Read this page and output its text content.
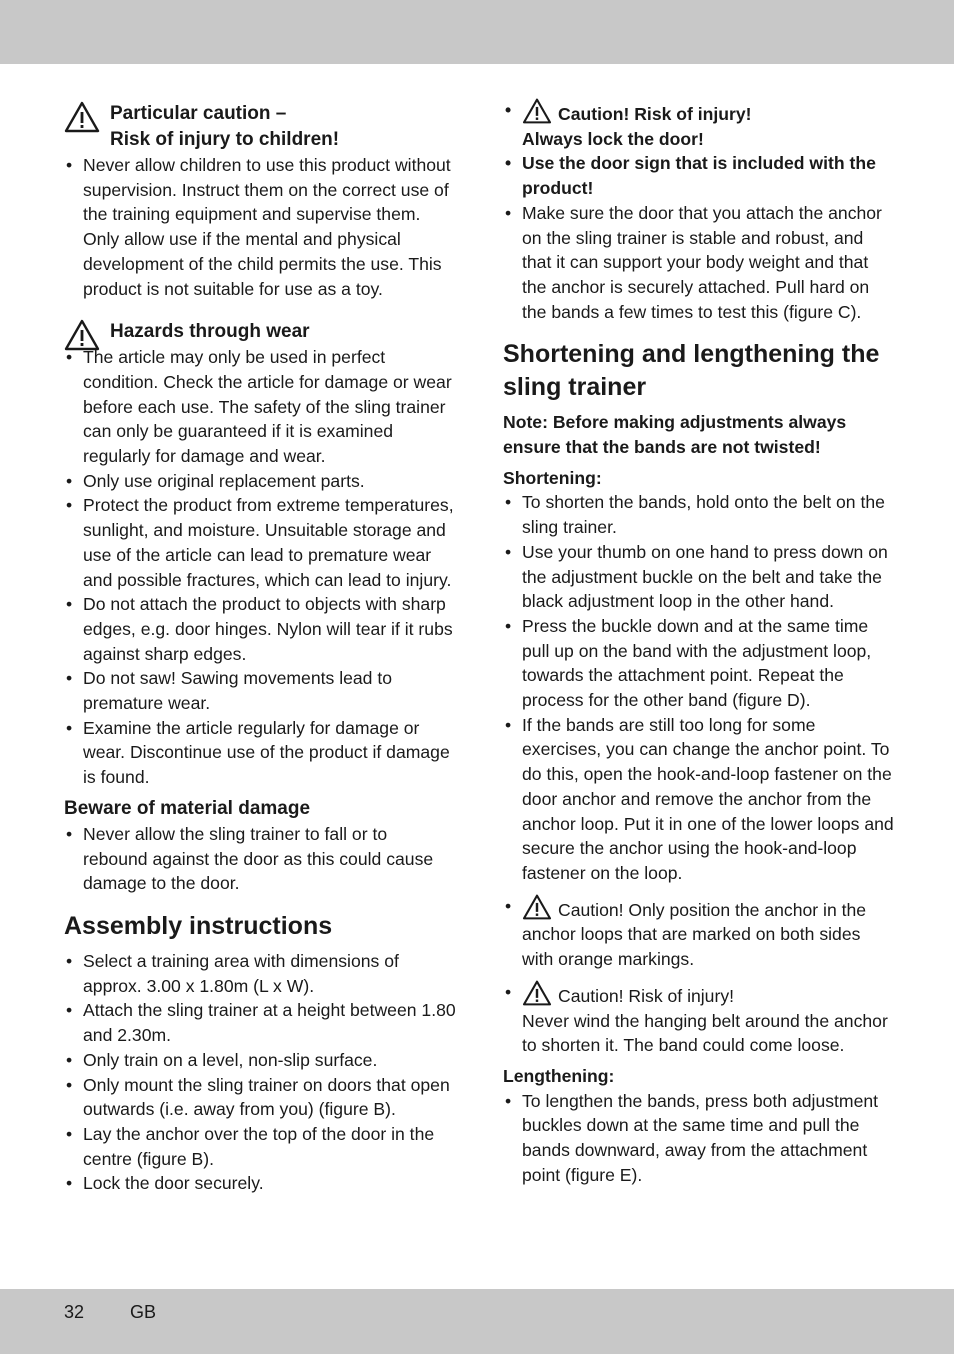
Particular caution –
Risk of injury to children!
• Never allow children to use this product without supervision. Instruct them on the correct use of the training equipment and supervise them. Only allow use if the mental and physical development of the child permits the use. This product is not suitable for use as a toy.
Hazards through wear
• The article may only be used in perfect condition. Check the article for damage or wear before each use. The safety of the sling trainer can only be guaranteed if it is examined regularly for damage and wear.
• Only use original replacement parts.
• Protect the product from extreme temperatures, sunlight, and moisture. Unsuitable storage and use of the article can lead to premature wear and possible fractures, which can lead to injury.
• Do not attach the product to objects with sharp edges, e.g. door hinges. Nylon will tear if it rubs against sharp edges.
• Do not saw! Sawing movements lead to premature wear.
• Examine the article regularly for damage or wear. Discontinue use of the product if damage is found.
Beware of material damage
• Never allow the sling trainer to fall or to rebound against the door as this could cause damage to the door.
Assembly instructions
• Select a training area with dimensions of approx. 3.00 x 1.80m (L x W).
• Attach the sling trainer at a height between 1.80 and 2.30m.
• Only train on a level, non-slip surface.
• Only mount the sling trainer on doors that open outwards (i.e. away from you) (figure B).
• Lay the anchor over the top of the door in the centre (figure B).
• Lock the door securely.
•	Caution! Risk of injury!
Always lock the door!
• Use the door sign that is included with the product!
• Make sure the door that you attach the anchor on the sling trainer is stable and robust, and that it can support your body weight and that the anchor is securely attached. Pull hard on the bands a few times to test this (figure C).
Shortening and lengthening the sling trainer
Note: Before making adjustments always ensure that the bands are not twisted!
Shortening:
• To shorten the bands, hold onto the belt on the sling trainer.
• Use your thumb on one hand to press down on the adjustment buckle on the belt and take the black adjustment loop in the other hand.
• Press the buckle down and at the same time pull up on the band with the adjustment loop, towards the attachment point. Repeat the process for the other band (figure D).
• If the bands are still too long for some exercises, you can change the anchor point. To do this, open the hook-and-loop fastener on the door anchor and remove the anchor from the anchor loop. Put it in one of the lower loops and secure the anchor using the hook-and-loop fastener on the loop.
•	Caution! Only position the anchor in the anchor loops that are marked on both sides with orange markings.
•	Caution! Risk of injury!
Never wind the hanging belt around the anchor to shorten it. The band could come loose.
Lengthening:
• To lengthen the bands, press both adjustment buckles down at the same time and pull the bands downward, away from the attachment point (figure E).
32	GB
